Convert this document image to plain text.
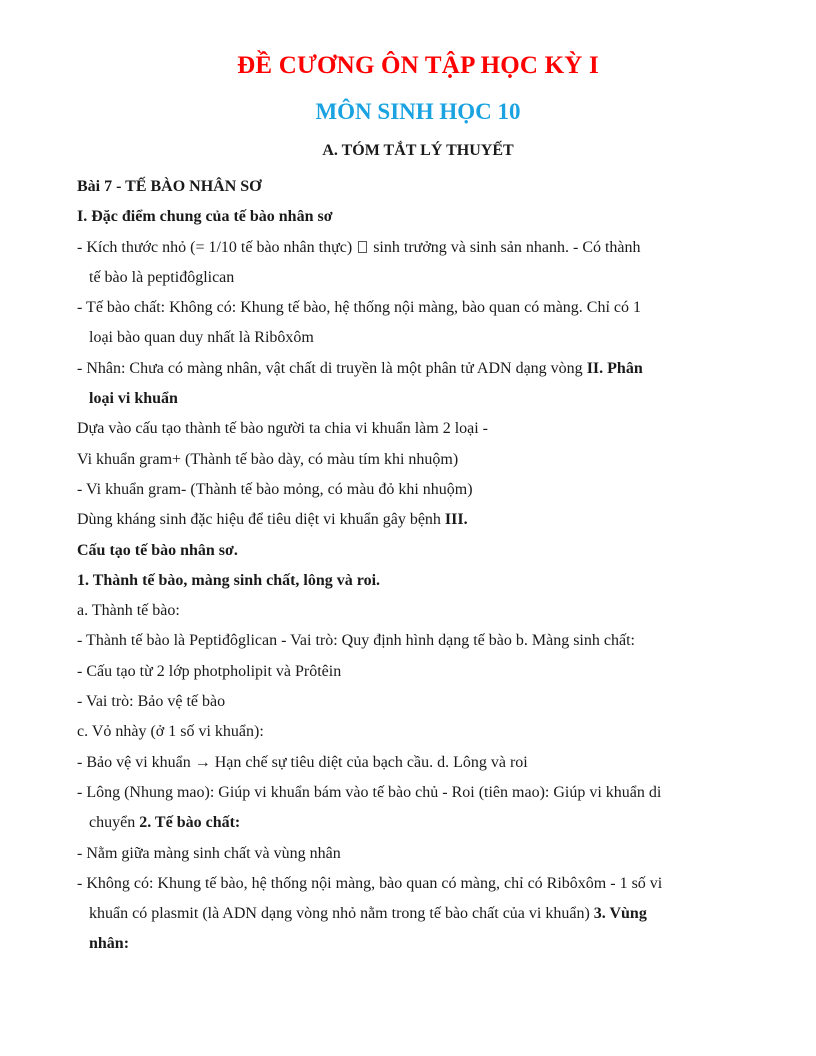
ĐỀ CƯƠNG ÔN TẬP HỌC KỲ I
MÔN SINH HỌC 10
A. TÓM TẮT LÝ THUYẾT
Bài 7 - TẾ BÀO NHÂN SƠ
I. Đặc điểm chung của tế bào nhân sơ
- Kích thước nhỏ (= 1/10 tế bào nhân thực) sinh trưởng và sinh sản nhanh. - Có thành
tế bào là peptiđôglican
- Tế bào chất: Không có: Khung tế bào, hệ thống nội màng, bào quan có màng. Chỉ có 1
loại bào quan duy nhất là Ribôxôm
- Nhân: Chưa có màng nhân, vật chất di truyền là một phân tử ADN dạng vòng II. Phân
loại vi khuẩn
Dựa vào cấu tạo thành tế bào người ta chia vi khuẩn làm 2 loại -
Vi khuẩn gram+ (Thành tế bào dày, có màu tím khi nhuộm)
- Vi khuẩn gram- (Thành tế bào mỏng, có màu đỏ khi nhuộm)
Dùng kháng sinh đặc hiệu để tiêu diệt vi khuẩn gây bệnh III.
Cấu tạo tế bào nhân sơ.
1. Thành tế bào, màng sinh chất, lông và roi.
a. Thành tế bào:
- Thành tế bào là Peptiđôglican - Vai trò: Quy định hình dạng tế bào b. Màng sinh chất:
- Cấu tạo từ 2 lớp photpholipit và Prôtêin
- Vai trò: Bảo vệ tế bào
c. Vỏ nhày (ở 1 số vi khuẩn):
- Bảo vệ vi khuẩn → Hạn chế sự tiêu diệt của bạch cầu. d. Lông và roi
- Lông (Nhung mao): Giúp vi khuẩn bám vào tế bào chủ - Roi (tiên mao): Giúp vi khuẩn di
chuyển 2. Tế bào chất:
- Nằm giữa màng sinh chất và vùng nhân
- Không có: Khung tế bào, hệ thống nội màng, bào quan có màng, chỉ có Ribôxôm - 1 số vi
khuẩn có plasmit (là ADN dạng vòng nhỏ nằm trong tế bào chất của vi khuẩn) 3. Vùng
nhân:
